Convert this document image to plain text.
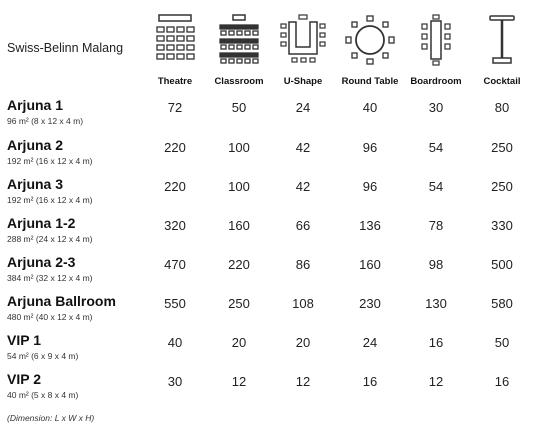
Swiss-Belinn Malang
Theatre	Classroom	U-Shape	Round Table	Boardroom	Cocktail
Arjuna 1
96 m² (8 x 12 x 4 m)
72	50	24	40	30	80
Arjuna 2
192 m² (16 x 12 x 4 m)
220	100	42	96	54	250
Arjuna 3
192 m² (16 x 12 x 4 m)
220	100	42	96	54	250
Arjuna 1-2
288 m² (24 x 12 x 4 m)
320	160	66	136	78	330
Arjuna 2-3
384 m² (32 x 12 x 4 m)
470	220	86	160	98	500
Arjuna Ballroom
480 m² (40 x 12 x 4 m)
550	250	108	230	130	580
VIP 1
54 m² (6 x 9 x 4 m)
40	20	20	24	16	50
VIP 2
40 m² (5 x 8 x 4 m)
30	12	12	16	12	16
(Dimension: L x W x H)
